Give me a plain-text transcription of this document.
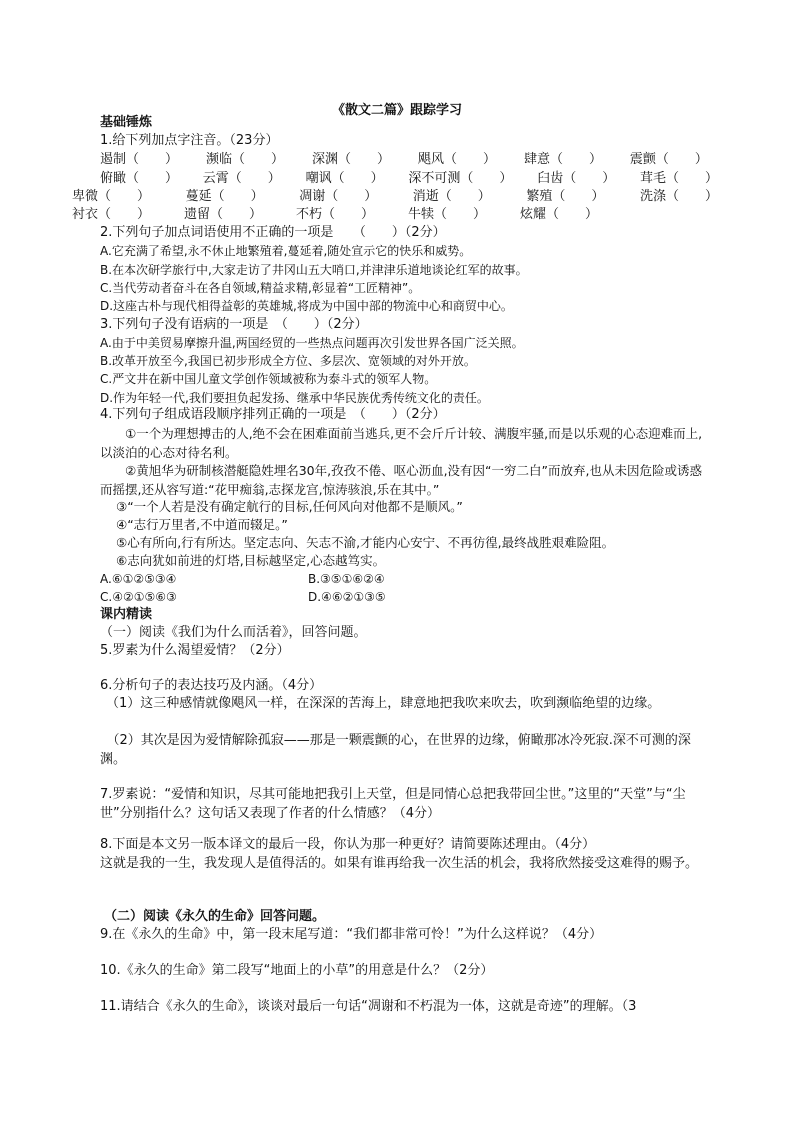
《散文二篇》跟踪学习
基础锤炼
1.给下列加点字注音。（23分）
遏制（　　） 濒临（　　） 深渊（　　） 飓风（　　） 肆意（　　） 震颤（　　）
俯瞰（　　） 云霄（　　） 嘲讽（　　） 深不可测（　　） 臼齿（　　） 茸毛（　　）
卑微（　　）	蔓延（　　）	凋谢（　　）	消逝（　　）	繁殖（　　）	洗涤（　　）
衬衣（　　）	遗留（　　）	不朽（　　）	牛犊（　　）	炫耀（　　）
2.下列句子加点词语使用不正确的一项是　　（　　）（2分）
A.它充满了希望,永不休止地繁殖着,蔓延着,随处宣示它的快乐和威势。
B.在本次研学旅行中,大家走访了井冈山五大哨口,并津津乐道地谈论红军的故事。
C.当代劳动者奋斗在各自领域,精益求精,彰显着“工匠精神”。
D.这座古朴与现代相得益彰的英雄城,将成为中国中部的物流中心和商贸中心。
3.下列句子没有语病的一项是　（　　）（2分）
A.由于中美贸易摩擦升温,两国经贸的一些热点问题再次引发世界各国广泛关照。
B.改革开放至今,我国已初步形成全方位、多层次、宽领域的对外开放。
C.严文井在新中国儿童文学创作领域被称为泰斗式的领军人物。
D.作为年轻一代,我们要担负起发扬、继承中华民族优秀传统文化的责任。
4.下列句子组成语段顺序排列正确的一项是　（　　）（2分）
①一个为理想搏击的人,绝不会在困难面前当逃兵,更不会斤斤计较、满腹牢骚,而是以乐观的心态迎难而上,以淡泊的心态对待名利。
②黄旭华为研制核潜艇隐姓埋名30年,孜孜不倦、呕心沥血,没有因“一穷二白”而放弃,也从未因危险或诱惑而摇摆,还从容写道:“花甲痴翁,志探龙宫,惊涛骇浪,乐在其中。”
③“一个人若是没有确定航行的目标,任何风向对他都不是顺风。”
④“志行万里者,不中道而辍足。”
⑤心有所向,行有所达。坚定志向、矢志不渝,才能内心安宁、不再彷徨,最终战胜艰难险阻。
⑥志向犹如前进的灯塔,目标越坚定,心态越笃实。
A.⑥①②⑤③④	B.③⑤①⑥②④
C.④②①⑤⑥③	D.④⑥②①③⑤
课内精读
（一）阅读《我们为什么而活着》，回答问题。
5.罗素为什么渴望爱情？（2分）
6.分析句子的表达技巧及内涵。（4分）
（1）这三种感情就像飓风一样，在深深的苦海上，肆意地把我吹来吹去，吹到濒临绝望的边缘。
（2）其次是因为爱情解除孤寂——那是一颗震颤的心，在世界的边缘，俯瞰那冰冷死寂.深不可测的深渊。
7.罗素说：“爱情和知识，尽其可能地把我引上天堂，但是同情心总把我带回尘世。”这里的“天堂”与“尘世”分别指什么？这句话又表现了作者的什么情感？（4分）
8.下面是本文另一版本译文的最后一段，你认为那一种更好？请简要陈述理由。（4分）
这就是我的一生，我发现人是值得活的。如果有谁再给我一次生活的机会，我将欣然接受这难得的赐予。
（二）阅读《永久的生命》回答问题。
9.在《永久的生命》中，第一段末尾写道：“我们都非常可怜！”为什么这样说？（4分）
10.《永久的生命》第二段写“地面上的小草”的用意是什么？（2分）
11.请结合《永久的生命》，谈谈对最后一句话“凋谢和不朽混为一体，这就是奇迹”的理解。（3
